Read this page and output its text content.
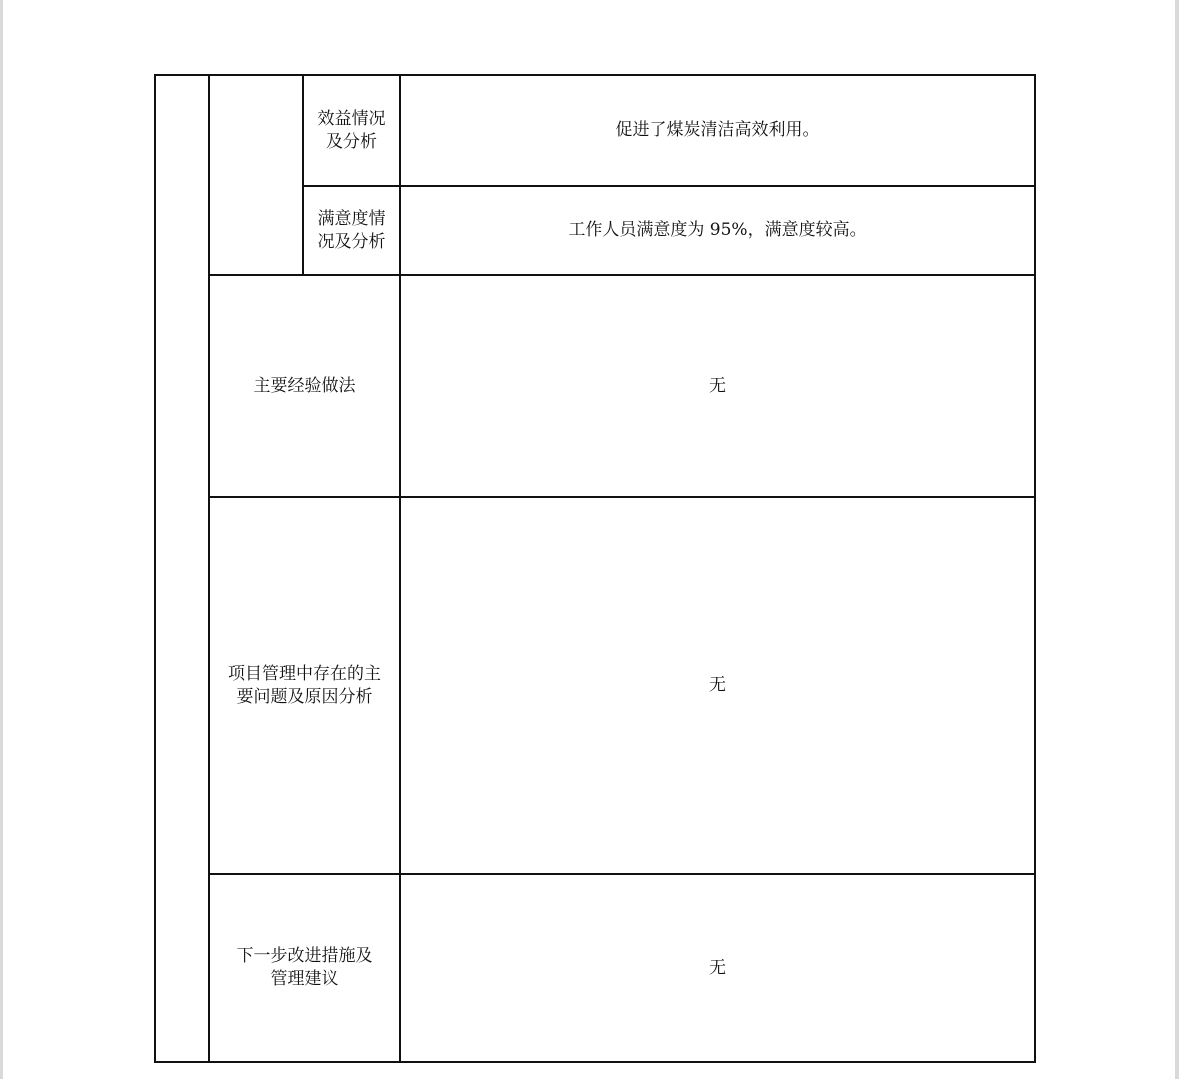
		效益情况及分析	促进了煤炭清洁高效利用。
		满意度情况及分析	工作人员满意度为 95%，满意度较高。
	主要经验做法		无
	项目管理中存在的主要问题及原因分析		无
	下一步改进措施及管理建议		无
